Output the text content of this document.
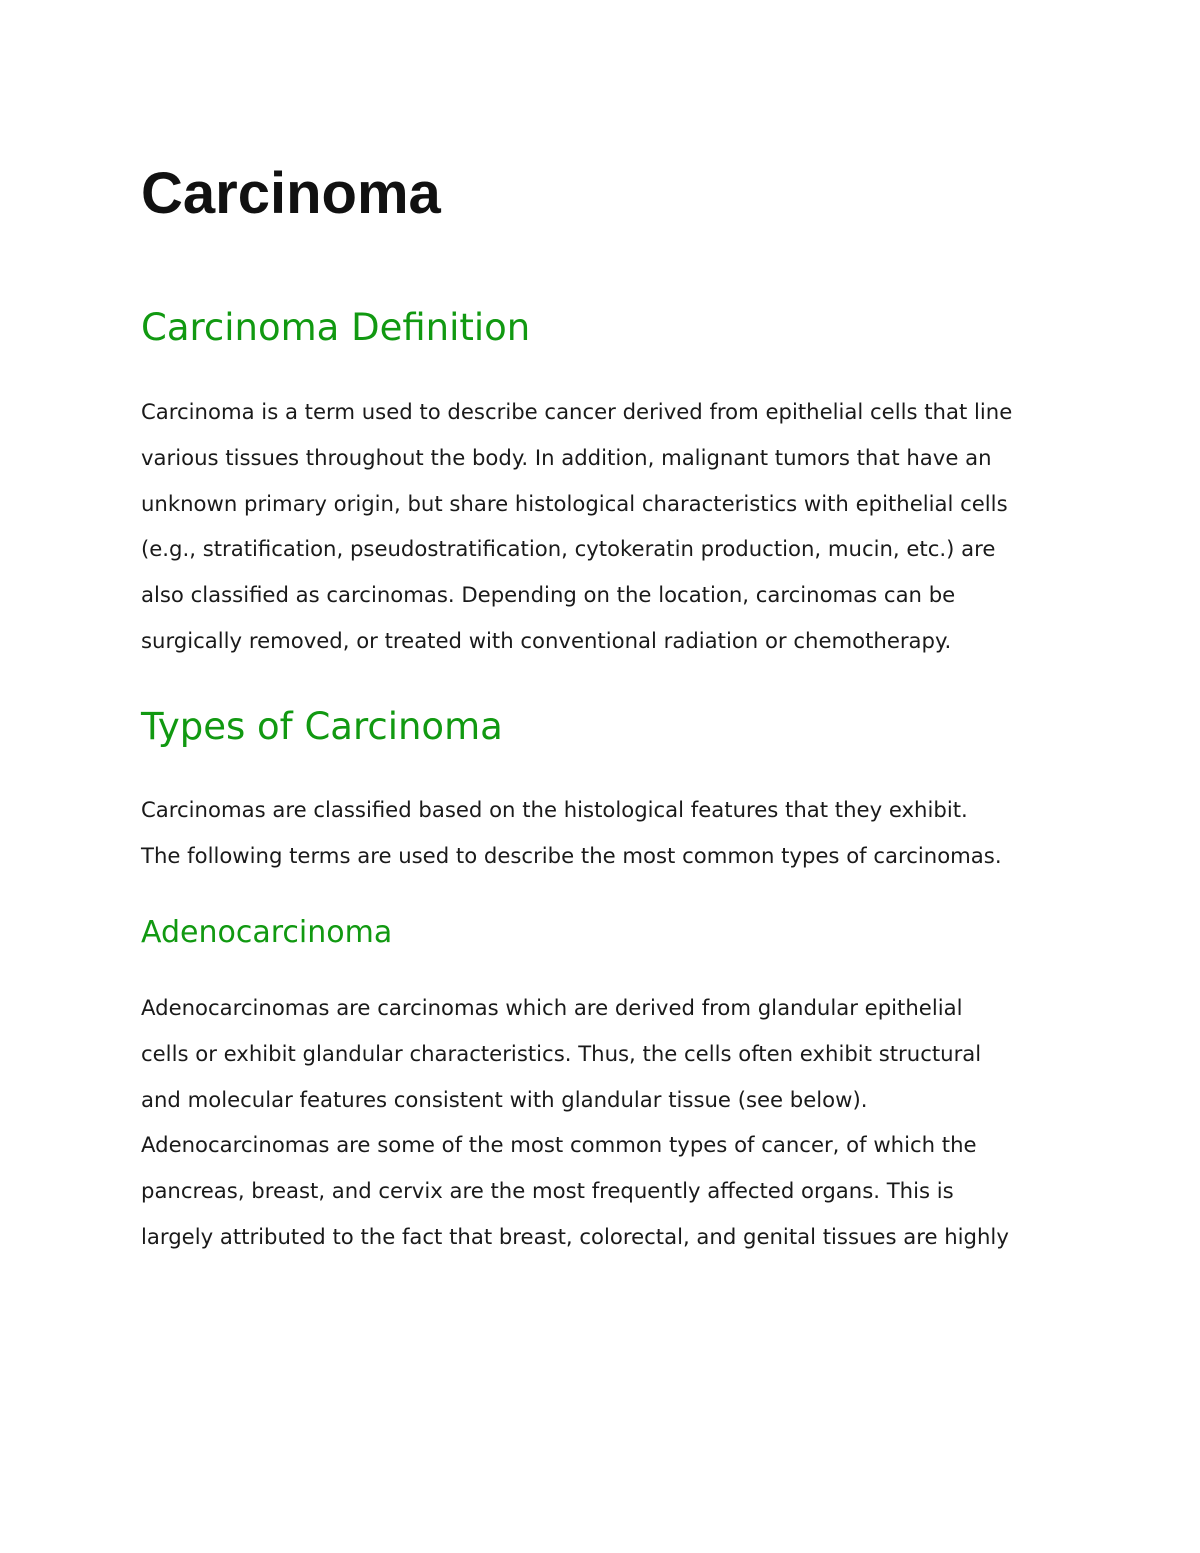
Carcinoma
Carcinoma Definition
Carcinoma is a term used to describe cancer derived from epithelial cells that line
various tissues throughout the body. In addition, malignant tumors that have an
unknown primary origin, but share histological characteristics with epithelial cells
(e.g., stratification, pseudostratification, cytokeratin production, mucin, etc.) are
also classified as carcinomas. Depending on the location, carcinomas can be
surgically removed, or treated with conventional radiation or chemotherapy.
Types of Carcinoma
Carcinomas are classified based on the histological features that they exhibit.
The following terms are used to describe the most common types of carcinomas.
Adenocarcinoma
Adenocarcinomas are carcinomas which are derived from glandular epithelial
cells or exhibit glandular characteristics. Thus, the cells often exhibit structural
and molecular features consistent with glandular tissue (see below).
Adenocarcinomas are some of the most common types of cancer, of which the
pancreas, breast, and cervix are the most frequently affected organs. This is
largely attributed to the fact that breast, colorectal, and genital tissues are highly
